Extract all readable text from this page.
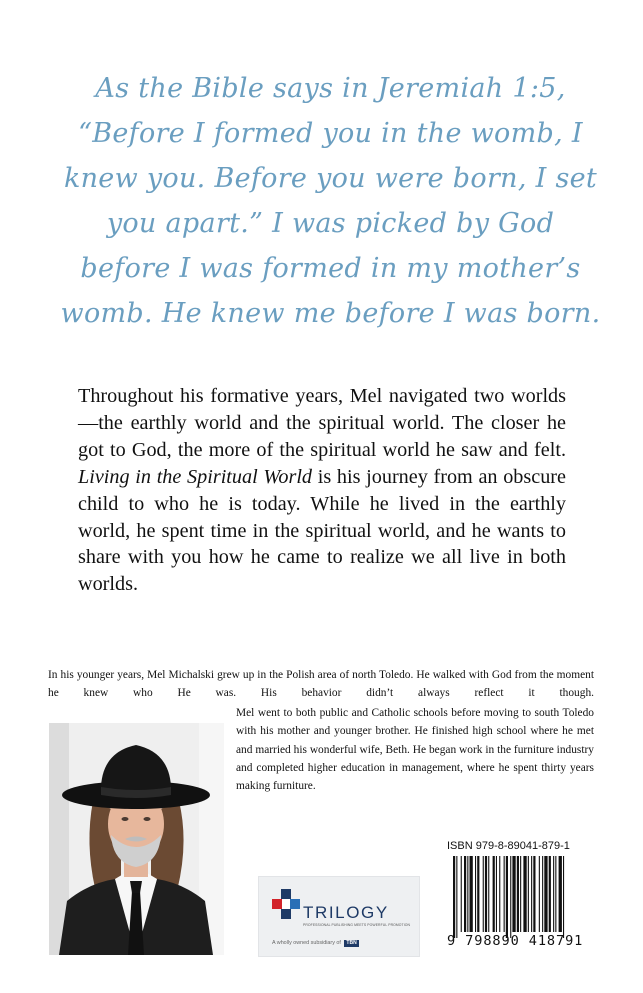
As the Bible says in Jeremiah 1:5,
“Before I formed you in the womb, I
knew you. Before you were born, I set
you apart.” I was picked by God
before I was formed in my mother’s
womb. He knew me before I was born.

Throughout his formative years, Mel navigated two worlds—the earthly world and the spiritual world. The closer he got to God, the more of the spiritual world he saw and felt. Living in the Spiritual World is his journey from an obscure child to who he is today. While he lived in the earthly world, he spent time in the spiritual world, and he wants to share with you how he came to realize we all live in both worlds.

In his younger years, Mel Michalski grew up in the Polish area of north Toledo. He walked with God from the moment he knew who He was. His behavior didn’t always reflect it though.

Mel went to both public and Catholic schools before moving to south Toledo with his mother and younger brother. He finished high school where he met and married his wonderful wife, Beth. He began work in the furniture industry and completed higher education in management, where he spent thirty years making furniture.

TRILOGY
PROFESSIONAL PUBLISHING MEETS POWERFUL PROMOTION
A wholly owned subsidiary of TBN
ISBN 979-8-89041-879-1
9 798890 418791
